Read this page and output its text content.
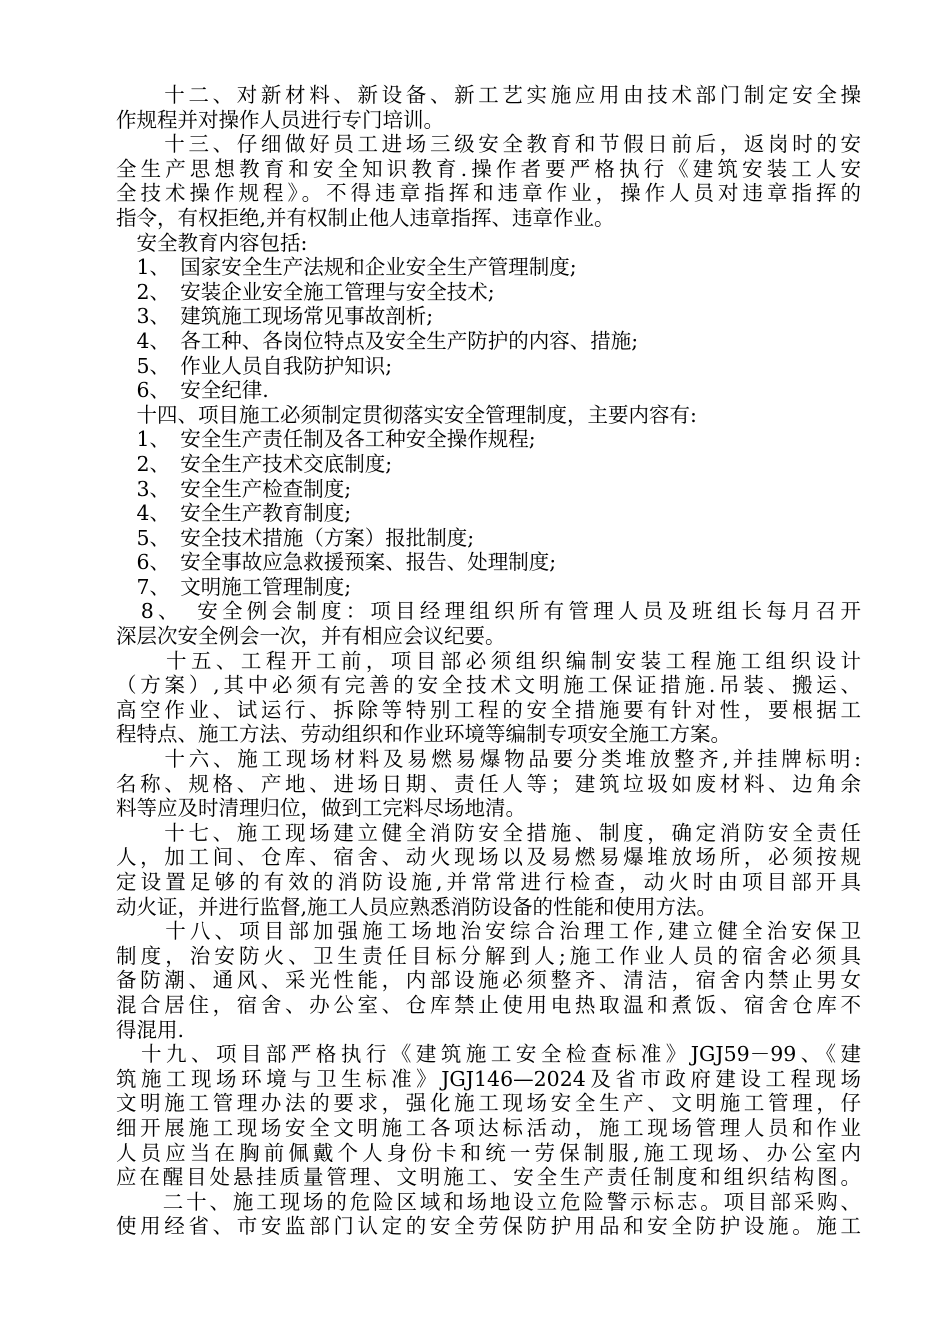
　　十二、对新材料、新设备、新工艺实施应用由技术部门制定安全操
作规程并对操作人员进行专门培训。
　　十三、仔细做好员工进场三级安全教育和节假日前后，返岗时的安
全生产思想教育和安全知识教育.操作者要严格执行《建筑安装工人安
全技术操作规程》。不得违章指挥和违章作业，操作人员对违章指挥的
指令，有权拒绝,并有权制止他人违章指挥、违章作业。
　安全教育内容包括:
　1、　国家安全生产法规和企业安全生产管理制度;
　2、　安装企业安全施工管理与安全技术;
　3、　建筑施工现场常见事故剖析;
　4、　各工种、各岗位特点及安全生产防护的内容、措施;
　5、　作业人员自我防护知识;
　6、　安全纪律.
　十四、项目施工必须制定贯彻落实安全管理制度，主要内容有:
　1、　安全生产责任制及各工种安全操作规程;
　2、　安全生产技术交底制度;
　3、　安全生产检查制度;
　4、　安全生产教育制度;
　5、　安全技术措施（方案）报批制度;
　6、　安全事故应急救援预案、报告、处理制度;
　7、　文明施工管理制度;
　8、　安全例会制度：项目经理组织所有管理人员及班组长每月召开
深层次安全例会一次，并有相应会议纪要。
　　十五、工程开工前，项目部必须组织编制安装工程施工组织设计
（方案）,其中必须有完善的安全技术文明施工保证措施.吊装、搬运、
高空作业、试运行、拆除等特别工程的安全措施要有针对性，要根据工
程特点、施工方法、劳动组织和作业环境等编制专项安全施工方案。
　　十六、施工现场材料及易燃易爆物品要分类堆放整齐,并挂牌标明:
名称、规格、产地、进场日期、责任人等；建筑垃圾如废材料、边角余
料等应及时清理归位，做到工完料尽场地清。
　　十七、施工现场建立健全消防安全措施、制度，确定消防安全责任
人，加工间、仓库、宿舍、动火现场以及易燃易爆堆放场所，必须按规
定设置足够的有效的消防设施,并常常进行检查，动火时由项目部开具
动火证，并进行监督,施工人员应熟悉消防设备的性能和使用方法。
　　十八、项目部加强施工场地治安综合治理工作,建立健全治安保卫
制度，治安防火、卫生责任目标分解到人;施工作业人员的宿舍必须具
备防潮、通风、采光性能，内部设施必须整齐、清洁，宿舍内禁止男女
混合居住，宿舍、办公室、仓库禁止使用电热取温和煮饭、宿舍仓库不
得混用.
　十九、项目部严格执行《建筑施工安全检查标准》JGJ59－99、《建
筑施工现场环境与卫生标准》JGJ146—2024及省市政府建设工程现场
文明施工管理办法的要求，强化施工现场安全生产、文明施工管理，仔
细开展施工现场安全文明施工各项达标活动，施工现场管理人员和作业
人员应当在胸前佩戴个人身份卡和统一劳保制服,施工现场、办公室内
应在醒目处悬挂质量管理、文明施工、安全生产责任制度和组织结构图。
　　二十、施工现场的危险区域和场地设立危险警示标志。项目部采购、
使用经省、市安监部门认定的安全劳保防护用品和安全防护设施。施工
